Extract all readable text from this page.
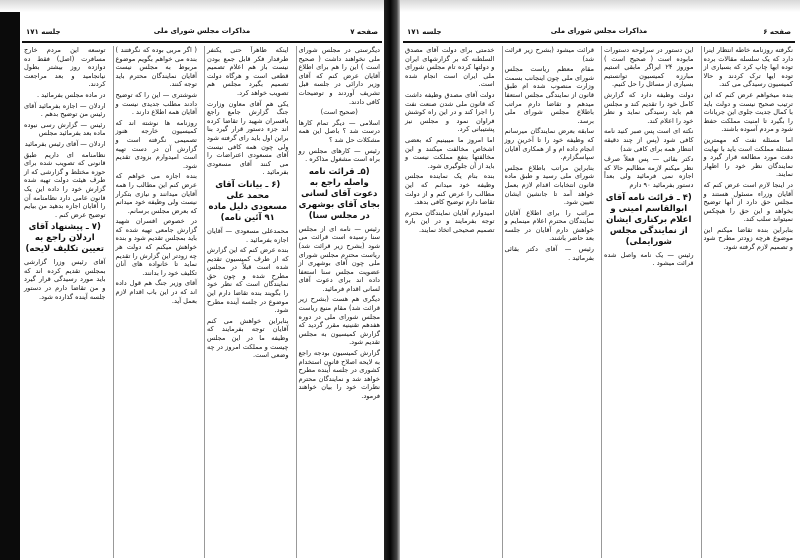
صفحه ۷
مذاکرات مجلس شورای ملی
جلسه ۱۷۱
دیگرستی در مجلس شورای ملی نخواهند داشت ( صحیح است ) این را هم برای اطلاع آقایان عرض کنم که آقای وزیر دارائی در جلسه قبل تشریف آوردند و توضیحات کافی دادند.
(صحیح است)
اسلامی — دیگر تمام کارها درست شد ؟ باصل این همه مشکلات حل شد ؟
رئیس — کارهای مجلس رو براه است مشغول مذاکره .
(۵ـ قرائت نامه واصله راجع به دعوت آقای لسانی بجای آقای بوشهری در مجلس سنا)
رئیس — نامه ای از مجلس سنا رسیده است قرائت می شود (بشرح زیر قرائت شد) ریاست محترم مجلس شورای ملی چون آقای بوشهری از عضویت مجلس سنا استعفا داده اند برای دعوت آقای لسانی اقدام فرمائید.
دیگری هم هست (بشرح زیر قرائت شد) مقام منیع ریاست مجلس شورای ملی در دوره هفدهم تقنینیه مقرر گردید که گزارش کمیسیون به مجلس تقدیم شود.
گزارش کمیسیون بودجه راجع به لایحه اصلاح قانون استخدام کشوری در جلسه آینده مطرح خواهد شد و نمایندگان محترم نظرات خود را بیان خواهند فرمود.
اینکه ظاهراً حتی یکنفر طرفدار فکر قابل جمع بودن نیست باز هم اعلام تصمیم قطعی است و هرگاه دولت تصمیم بگیرد مجلس هم تصویب خواهد کرد.
یکی هم آقای معاون وزارت جنگ گزارش جامع راجع بافسران شهید را تقاضا کرده اند جزء دستور قرار گیرد بنا براین اول باید رای گرفته شود ولی چون همه کافی نیست آقای مسعودی اعتراضات را می کنند آقای مسعودی بفرمائید .
(۶ ـ بیانات آقای محمد علی مسعودی دلیل ماده ۹۱ آئین نامه)
محمدعلی مسعودی — آقایان اجازه بفرمائید .
بنده عرض کنم که این گزارش که از طرف کمیسیون تقدیم شده است قبلاً در مجلس مطرح شده و چون حق نمایندگان است که نظر خود را بگویند بنده تقاضا دارم این موضوع در جلسه آینده مطرح شود.
بنابراین خواهش می کنم آقایان توجه بفرمایند که وظیفه ما در این مجلس چیست و مملکت امروز در چه وضعی است.
( اگر مربی بوده که نگرفتند ) بنده می خواهم بگویم موضوع مربوط به مجلس نیست آقایان نمایندگان محترم باید توجه کنند.
شوشتری — این را که توضیح دادند مطلب جدیدی نیست و آقایان همه اطلاع دارند .
روزنامه ها نوشته اند که کمیسیون خارجه هنوز تصمیمی نگرفته است و گزارش آن در دست تهیه است امیدوارم بزودی تقدیم شود.
بنده اجازه می خواهم که عرض کنم این مطالب را همه آقایان میدانند و نیازی بتکرار نیست ولی وظیفه خود میدانم که بعرض مجلس برسانم.
در خصوص افسران شهید گزارش جامعی تهیه شده که باید بمجلس تقدیم شود و بنده خواهش میکنم که دولت هر چه زودتر این گزارش را تقدیم نماید تا خانواده های آنان تکلیف خود را بدانند.
آقای وزیر جنگ هم قول داده اند که در این باب اقدام لازم بعمل آید.
توسعه این مردم خارج مسافرت (اصل) فقط ده دوازده روز بیشتر بطول نیانجامید و بعد مراجعت کردند.
در ماده مجلس بفرمائید .
اردلان — اجازه بفرمائید آقای رئیس من توضیح بدهم .
رئیس — گزارش رسی نیوده ماده بعد بفرمائید مجلس
اردلان — آقای رئیس بفرمائید
نظامنامه ای داریم طبق قانونی که تصویب شده برای حوزه مختلط و گزارشی که از طرف هیئت دولت تهیه شده گزارش خود را داده این یک قانون عامی دارد نظامنامه آن را آقایان اجازه بدهید من بیایم توضیح عرض کنم .
(۷ ـ پیشنهاد آقای اردلان راجع به تعیین تکلیف لایحه)
آقای رئیس وزرا گزارشی بمجلس تقدیم کرده اند که باید مورد رسیدگی قرار گیرد و من تقاضا دارم در دستور جلسه آینده گذارده شود.
صفحه ۶
مذاکرات مجلس شورای ملی
جلسه ۱۷۱
نگرفته روزنامه خاطه انتظار اینرا دارد که یک سلسله مقالات برده توده ایها چاپ کرد که بسیاری از توده ایها ترک کردند و حالا کمیسیون رسیدگی می کند.
بنده میخواهم عرض کنم که این ترتیب صحیح نیست و دولت باید با کمال جدیت جلوی این جریانات را بگیرد تا امنیت مملکت حفظ شود و مردم آسوده باشند.
اما مسئله نفت که مهمترین مسئله مملکت است باید با نهایت دقت مورد مطالعه قرار گیرد و نمایندگان نظر خود را اظهار نمایند.
در اینجا لازم است عرض کنم که آقایان وزراء مسئول هستند و مجلس حق دارد از آنها توضیح بخواهد و این حق را هیچکس نمیتواند سلب کند.
بنابراین بنده تقاضا میکنم این موضوع هرچه زودتر مطرح شود و تصمیم لازم گرفته شود.
این دستور در سرلوحه دستورات مابوده است ( صحیح است ) موروز ۲۴ ایراگر مابقی استیم مبارزه کمیسیون توانستیم بسیاری از مسائل را حل کنیم.
دولت وظیفه دارد که گزارش کامل خود را تقدیم کند و مجلس هم باید رسیدگی نماید و نظر خود را اعلام کند.
نکته ای است پس صبر کنید نامه کافی شود (پس از چند دقیقه انتظار همه برای کافی شد)
دکتر بقائی — پس فعلاً صرف نظر میکنم لازمه مطالبم حالا که اجازه نمی فرمائید ولی بعداً دستور بفرمائید ۹۰ دارم
(۴ ـ قرائت نامه آقای ابوالقاسم امینی و اعلام برکناری ایشان از نمایندگی مجلس شورایملی)
رئیس — یک نامه واصل شده قرائت میشود .
قرائت میشود (بشرح زیر قرائت شد)
مقام معظم ریاست مجلس شورای ملی چون اینجانب بسمت وزارت منصوب شده ام طبق قانون از نمایندگی مجلس استعفا میدهم و تقاضا دارم مراتب باطلاع مجلس شورای ملی برسد.
سابقه بعرض نمایندگان میرسانم که وظیفه خود را تا آخرین روز انجام داده ام و از همکاری آقایان سپاسگزارم.
بنابراین مراتب باطلاع مجلس شورای ملی رسید و طبق ماده قانون انتخابات اقدام لازم بعمل خواهد آمد تا جانشین ایشان تعیین شود.
مراتب را برای اطلاع آقایان نمایندگان محترم اعلام مینمایم و خواهش دارم آقایان در جلسه بعد حاضر باشند.
رئیس — آقای دکتر بقائی بفرمائید .
خدمتی برای دولت آقای مصدق السلطنه که بر گزارشهای ایران و دولتها کرده تام مجلس شورای ملی ایران است انجام شده است.
دولت آقای مصدق وظیفه داشت که قانون ملی شدن صنعت نفت را اجرا کند و در این راه کوشش فراوان نمود و مجلس نیز پشتیبانی کرد.
اما امروز ما میبینیم که بعضی اشخاص مخالفت میکنند و این مخالفتها بنفع مملکت نیست و باید از آن جلوگیری شود.
بنده بنام یک نماینده مجلس وظیفه خود میدانم که این مطالب را عرض کنم و از دولت تقاضا دارم توضیح کافی بدهد.
امیدوارم آقایان نمایندگان محترم توجه بفرمایند و در این باره تصمیم صحیحی اتخاذ نمایند.
